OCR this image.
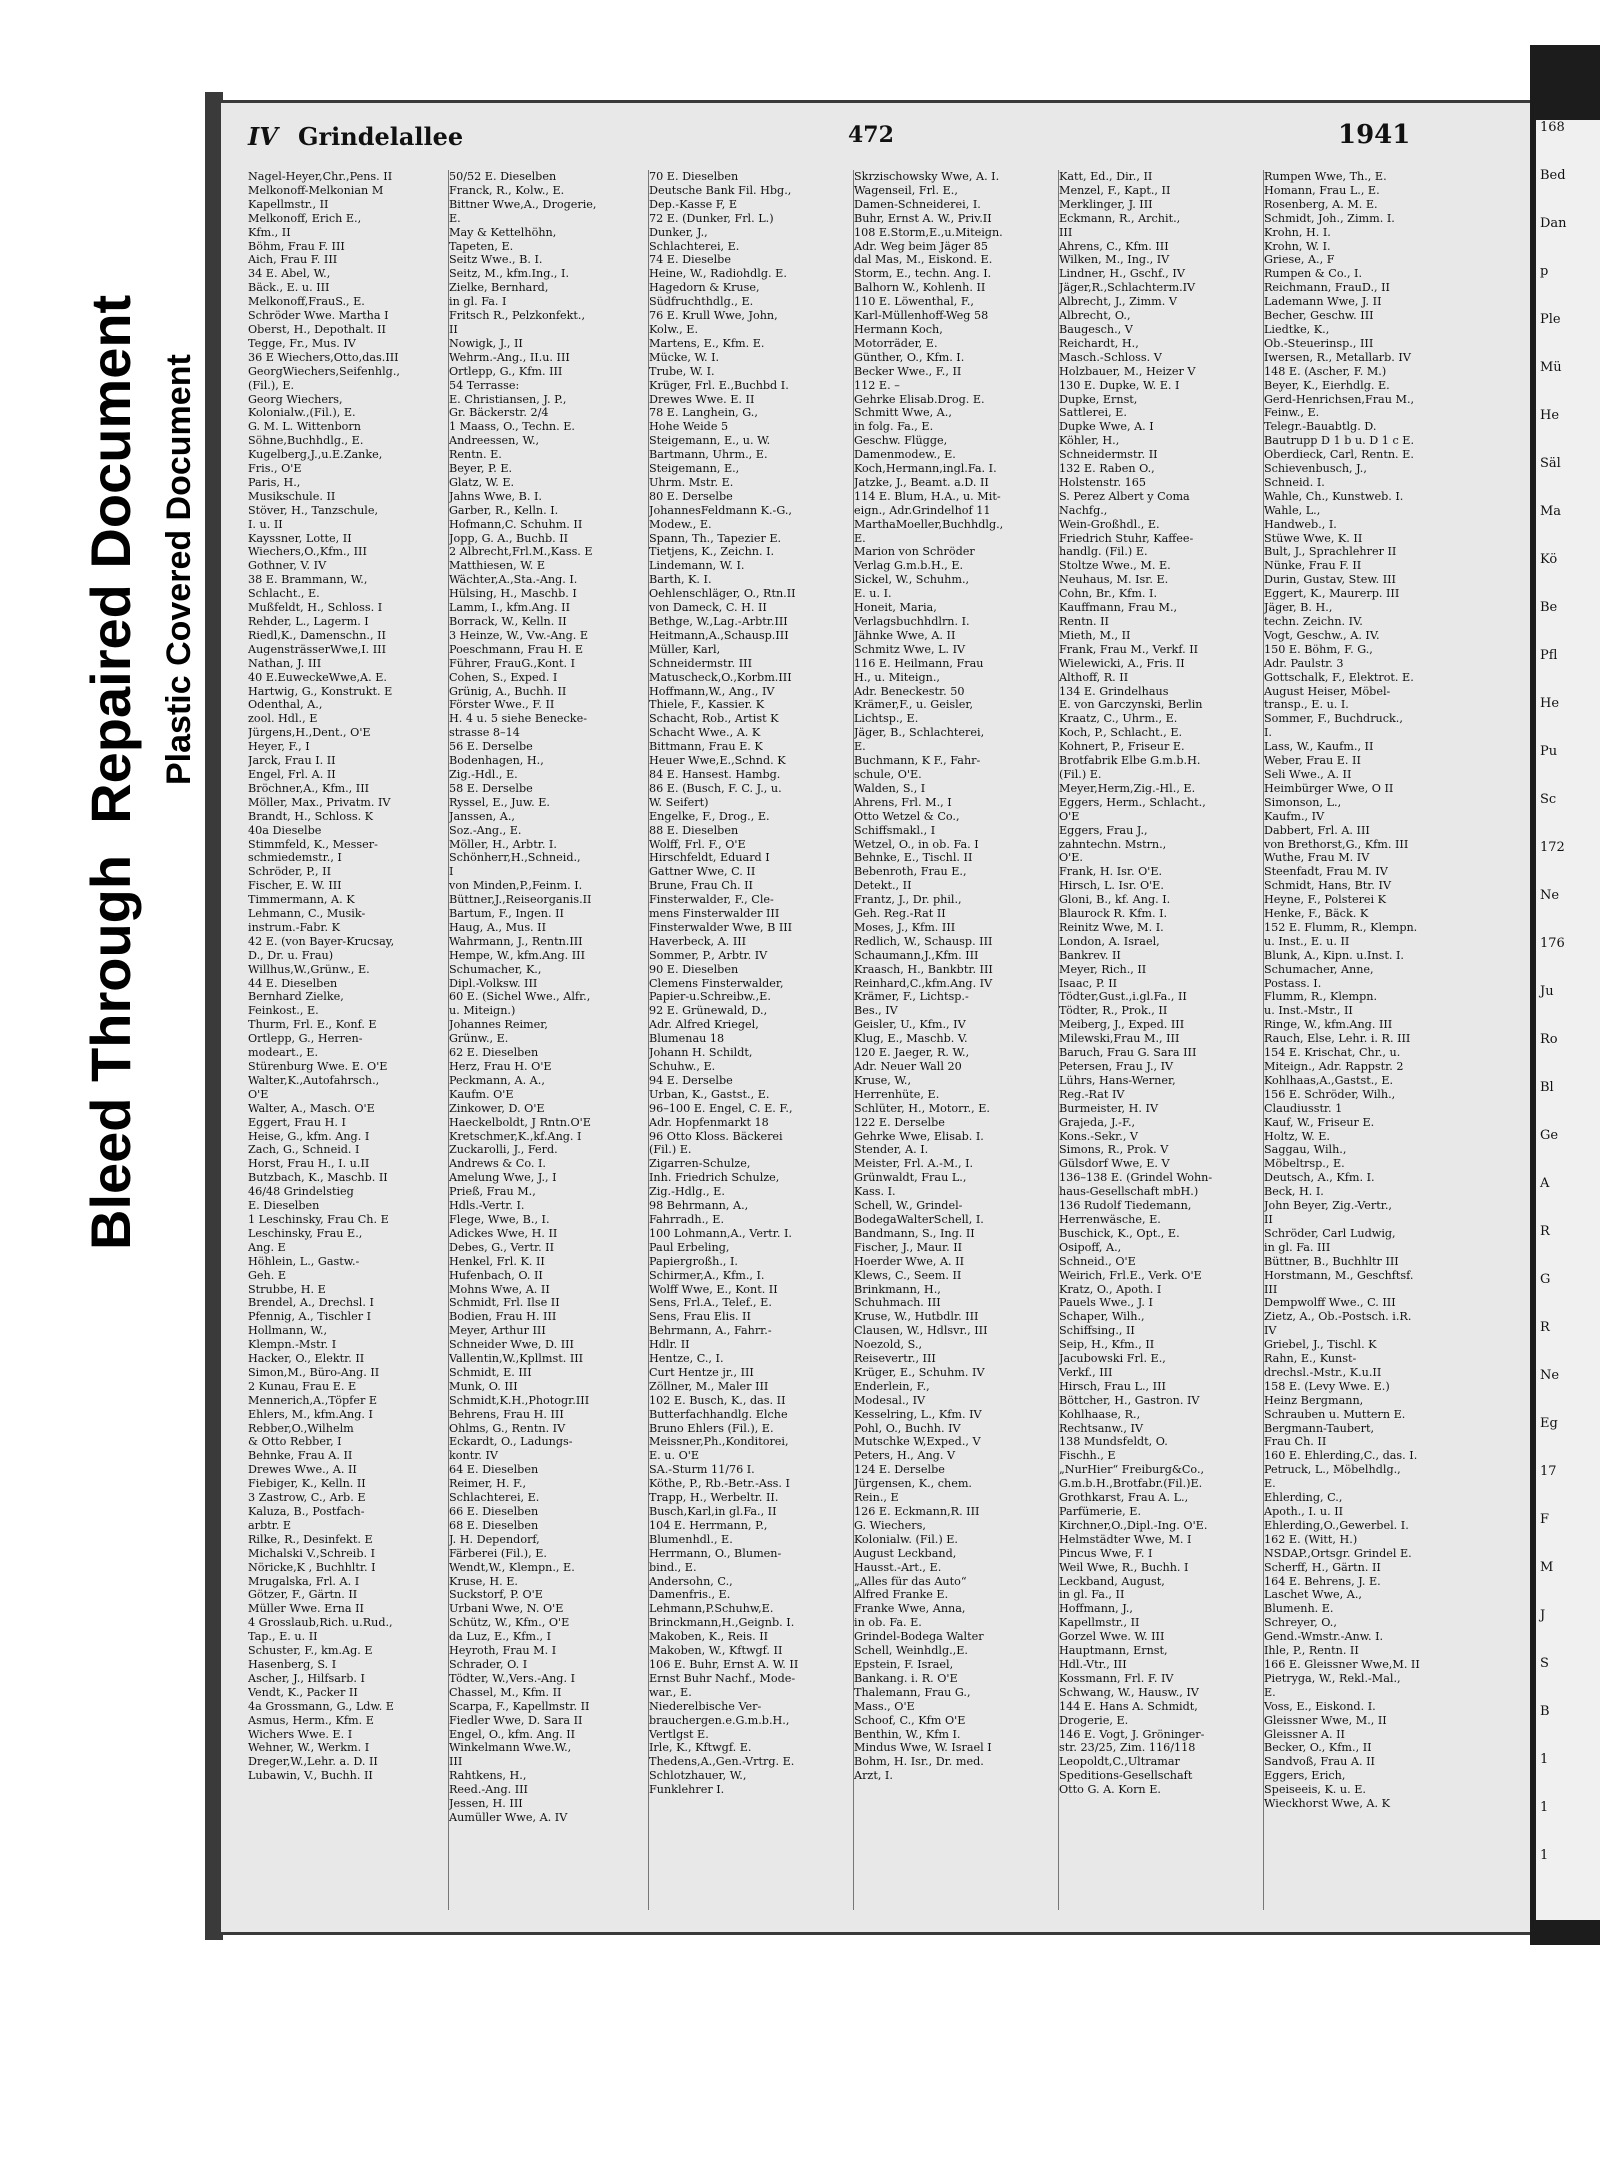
Bleed Through  Repaired Document Plastic Covered Document
IV Grindelallee	472	1941
Nagel-Heyer,Chr.,Pens. II
Melkonoff-Melkonian M
Kapellmstr., II
Melkonoff, Erich E.,
Kfm., II
Böhm, Frau F. III
Aich, Frau F. III
34 E. Abel, W.,
Bäck., E. u. III
Melkonoff,FrauS., E.
Schröder Wwe. Martha I
Oberst, H., Depothalt. II
Tegge, Fr., Mus. IV
36 E Wiechers,Otto,das.III
GeorgWiechers,Seifenhlg.,
(Fil.), E.
Georg Wiechers,
Kolonialw.,(Fil.), E.
G. M. L. Wittenborn
Söhne,Buchhdlg., E.
Kugelberg,J.,u.E.Zanke,
Fris., O'E
Paris, H.,
Musikschule. II
Stöver, H., Tanzschule,
I. u. II
Kayssner, Lotte, II
Wiechers,O.,Kfm., III
Gothner, V. IV
38 E. Brammann, W.,
Schlacht., E.
Mußfeldt, H., Schloss. I
Rehder, L., Lagerm. I
Riedl,K., Damenschn., II
AugensträsserWwe,I. III
Nathan, J. III
40 E.EuweckeWwe,A. E.
Hartwig, G., Konstrukt. E
Odenthal, A.,
zool. Hdl., E
Jürgens,H.,Dent., O'E
Heyer, F., I
Jarck, Frau I. II
Engel, Frl. A. II
Bröchner,A., Kfm., III
Möller, Max., Privatm. IV
Brandt, H., Schloss. K
40a Dieselbe
Stimmfeld, K., Messer-
schmiedemstr., I
Schröder, P., II
Fischer, E. W. III
Timmermann, A. K
Lehmann, C., Musik-
instrum.-Fabr. K
42 E. (von Bayer-Krucsay,
D., Dr. u. Frau)
Willhus,W.,Grünw., E.
44 E. Dieselben
Bernhard Zielke,
Feinkost., E.
Thurm, Frl. E., Konf. E
Ortlepp, G., Herren-
modeart., E.
Stürenburg Wwe. E. O'E
Walter,K.,Autofahrsch.,
O'E
Walter, A., Masch. O'E
Eggert, Frau H. I
Heise, G., kfm. Ang. I
Zach, G., Schneid. I
Horst, Frau H., I. u.II
Butzbach, K., Maschb. II
46/48 Grindelstieg
E. Dieselben
1 Leschinsky, Frau Ch. E
Leschinsky, Frau E.,
Ang. E
Höhlein, L., Gastw.-
Geh. E
Strubbe, H. E
Brendel, A., Drechsl. I
Pfennig, A., Tischler I
Hollmann, W.,
Klempn.-Mstr. I
Hacker, O., Elektr. II
Simon,M., Büro-Ang. II
2 Kunau, Frau E. E
Mennerich,A.,Töpfer E
Ehlers, M., kfm.Ang. I
Rebber,O.,Wilhelm
& Otto Rebber, I
Behnke, Frau A. II
Drewes Wwe., A. II
Fiebiger, K., Kelln. II
3 Zastrow, C., Arb. E
Kaluza, B., Postfach-
arbtr. E
Rilke, R., Desinfekt. E
Michalski V.,Schreib. I
Nöricke,K , Buchhltr. I
Mrugalska, Frl. A. I
Götzer, F., Gärtn. II
Müller Wwe. Erna II
4 Grosslaub,Rich. u.Rud.,
Tap., E. u. II
Schuster, F., km.Ag. E
Hasenberg, S. I
Ascher, J., Hilfsarb. I
Vendt, K., Packer II
4a Grossmann, G., Ldw. E
Asmus, Herm., Kfm. E
Wichers Wwe. E. I
Wehner, W., Werkm. I
Dreger,W.,Lehr. a. D. II
Lubawin, V., Buchh. II
50/52 E. Dieselben
Franck, R., Kolw., E.
Bittner Wwe,A., Drogerie,
E.
May & Kettelhöhn,
Tapeten, E.
Seitz Wwe., B. I.
Seitz, M., kfm.Ing., I.
Zielke, Bernhard,
in gl. Fa. I
Fritsch R., Pelzkonfekt.,
II
Nowigk, J., II
Wehrm.-Ang., II.u. III
Ortlepp, G., Kfm. III
54 Terrasse:
E. Christiansen, J. P.,
Gr. Bäckerstr. 2/4
1 Maass, O., Techn. E.
Andreessen, W.,
Rentn. E.
Beyer, P. E.
Glatz, W. E.
Jahns Wwe, B. I.
Garber, R., Kelln. I.
Hofmann,C. Schuhm. II
Jopp, G. A., Buchb. II
2 Albrecht,Frl.M.,Kass. E
Matthiesen, W. E
Wächter,A.,Sta.-Ang. I.
Hülsing, H., Maschb. I
Lamm, I., kfm.Ang. II
Borrack, W., Kelln. II
3 Heinze, W., Vw.-Ang. E
Poeschmann, Frau H. E
Führer, FrauG.,Kont. I
Cohen, S., Exped. I
Grünig, A., Buchh. II
Förster Wwe., F. II
H. 4 u. 5 siehe Benecke-
strasse 8–14
56 E. Derselbe
Bodenhagen, H.,
Zig.-Hdl., E.
58 E. Derselbe
Ryssel, E., Juw. E.
Janssen, A.,
Soz.-Ang., E.
Möller, H., Arbtr. I.
Schönherr,H.,Schneid.,
I
von Minden,P.,Feinm. I.
Büttner,J.,Reiseorganis.II
Bartum, F., Ingen. II
Haug, A., Mus. II
Wahrmann, J., Rentn.III
Hempe, W., kfm.Ang. III
Schumacher, K.,
Dipl.-Volksw. III
60 E. (Sichel Wwe., Alfr.,
u. Miteign.)
Johannes Reimer,
Grünw., E.
62 E. Dieselben
Herz, Frau H. O'E
Peckmann, A. A.,
Kaufm. O'E
Zinkower, D. O'E
Haeckelboldt, J Rntn.O'E
Kretschmer,K.,kf.Ang. I
Zuckarolli, J., Ferd.
Andrews & Co. I.
Amelung Wwe, J., I
Prieß, Frau M.,
Hdls.-Vertr. I.
Flege, Wwe, B., I.
Adickes Wwe, H. II
Debes, G., Vertr. II
Henkel, Frl. K. II
Hufenbach, O. II
Mohns Wwe, A. II
Schmidt, Frl. Ilse II
Bodien, Frau H. III
Meyer, Arthur III
Schneider Wwe, D. III
Vallentin,W.,Kpllmst. III
Schmidt, E. III
Munk, O. III
Schmidt,K.H.,Photogr.III
Behrens, Frau H. III
Ohlms, G., Rentn. IV
Eckardt, O., Ladungs-
kontr. IV
64 E. Dieselben
Reimer, H. F.,
Schlachterei, E.
66 E. Dieselben
68 E. Dieselben
J. H. Dependorf,
Färberei (Fil.), E.
Wendt,W., Klempn., E.
Kruse, H. E.
Suckstorf, P. O'E
Urbani Wwe, N. O'E
Schütz, W., Kfm., O'E
da Luz, E., Kfm., I
Heyroth, Frau M. I
Schrader, O. I
Tödter, W.,Vers.-Ang. I
Chassel, M., Kfm. II
Scarpa, F., Kapellmstr. II
Fiedler Wwe, D. Sara II
Engel, O., kfm. Ang. II
Winkelmann Wwe.W.,
III
Rahtkens, H.,
Reed.-Ang. III
Jessen, H. III
Aumüller Wwe, A. IV
70 E. Dieselben
Deutsche Bank Fil. Hbg.,
Dep.-Kasse F, E
72 E. (Dunker, Frl. L.)
Dunker, J.,
Schlachterei, E.
74 E. Dieselbe
Heine, W., Radiohdlg. E.
Hagedorn & Kruse,
Südfruchthdlg., E.
76 E. Krull Wwe, John,
Kolw., E.
Martens, E., Kfm. E.
Mücke, W. I.
Trube, W. I.
Krüger, Frl. E.,Buchbd I.
Drewes Wwe. E. II
78 E. Langhein, G.,
Hohe Weide 5
Steigemann, E., u. W.
Bartmann, Uhrm., E.
Steigemann, E.,
Uhrm. Mstr. E.
80 E. Derselbe
JohannesFeldmann K.-G.,
Modew., E.
Spann, Th., Tapezier E.
Tietjens, K., Zeichn. I.
Lindemann, W. I.
Barth, K. I.
Oehlenschläger, O., Rtn.II
von Dameck, C. H. II
Bethge, W.,Lag.-Arbtr.III
Heitmann,A.,Schausp.III
Müller, Karl,
Schneidermstr. III
Matuscheck,O.,Korbm.III
Hoffmann,W., Ang., IV
Thiele, F., Kassier. K
Schacht, Rob., Artist K
Schacht Wwe., A. K
Bittmann, Frau E. K
Heuer Wwe,E.,Schnd. K
84 E. Hansest. Hambg.
86 E. (Busch, F. C. J., u.
W. Seifert)
Engelke, F., Drog., E.
88 E. Dieselben
Wolff, Frl. F., O'E
Hirschfeldt, Eduard I
Gattner Wwe, C. II
Brune, Frau Ch. II
Finsterwalder, F., Cle-
mens Finsterwalder III
Finsterwalder Wwe, B III
Haverbeck, A. III
Sommer, P., Arbtr. IV
90 E. Dieselben
Clemens Finsterwalder,
Papier-u.Schreibw.,E.
92 E. Grünewald, D.,
Adr. Alfred Kriegel,
Blumenau 18
Johann H. Schildt,
Schuhw., E.
94 E. Derselbe
Urban, K., Gastst., E.
96–100 E. Engel, C. E. F.,
Adr. Hopfenmarkt 18
96 Otto Kloss. Bäckerei
(Fil.) E.
Zigarren-Schulze,
Inh. Friedrich Schulze,
Zig.-Hdlg., E.
98 Behrmann, A.,
Fahrradh., E.
100 Lohmann,A., Vertr. I.
Paul Erbeling,
Papiergroßh., I.
Schirmer,A., Kfm., I.
Wolff Wwe, E., Kont. II
Sens, Frl.A., Telef., E.
Sens, Frau Elis. II
Behrmann, A., Fahrr.-
Hdlr. II
Hentze, C., I.
Curt Hentze jr., III
Zöllner, M., Maler III
102 E. Busch, K., das. II
Butterfachhandlg. Elche
Bruno Ehlers (Fil.), E.
Meissner,Ph.,Konditorei,
E. u. O'E
SA.-Sturm 11/76 I.
Köthe, P., Rb.-Betr.-Ass. I
Trapp, H., Werbeltr. II.
Busch,Karl,in gl.Fa., II
104 E. Herrmann, P.,
Blumenhdl., E.
Herrmann, O., Blumen-
bind., E.
Andersohn, C.,
Damenfris., E.
Lehmann,P.Schuhw,E.
Brinckmann,H.,Geignb. I.
Makoben, K., Reis. II
Makoben, W., Kftwgf. II
106 E. Buhr, Ernst A. W. II
Ernst Buhr Nachf., Mode-
war., E.
Niederelbische Ver-
brauchergen.e.G.m.b.H.,
Vertlgst E.
Irle, K., Kftwgf. E.
Thedens,A.,Gen.-Vrtrg. E.
Schlotzhauer, W.,
Funklehrer I.
Skrzischowsky Wwe, A. I.
Wagenseil, Frl. E.,
Damen-Schneiderei, I.
Buhr, Ernst A. W., Priv.II
108 E.Storm,E.,u.Miteign.
Adr. Weg beim Jäger 85
dal Mas, M., Eiskond. E.
Storm, E., techn. Ang. I.
Balhorn W., Kohlenh. II
110 E. Löwenthal, F.,
Karl-Müllenhoff-Weg 58
Hermann Koch,
Motorräder, E.
Günther, O., Kfm. I.
Becker Wwe., F., II
112 E. –
Gehrke Elisab.Drog. E.
Schmitt Wwe, A.,
in folg. Fa., E.
Geschw. Flügge,
Damenmodew., E.
Koch,Hermann,ingl.Fa. I.
Jatzke, J., Beamt. a.D. II
114 E. Blum, H.A., u. Mit-
eign., Adr.Grindelhof 11
MarthaMoeller,Buchhdlg.,
E.
Marion von Schröder
Verlag G.m.b.H., E.
Sickel, W., Schuhm.,
E. u. I.
Honeit, Maria,
Verlagsbuchhdlrn. I.
Jähnke Wwe, A. II
Schmitz Wwe, L. IV
116 E. Heilmann, Frau
H., u. Miteign.,
Adr. Beneckestr. 50
Krämer,F., u. Geisler,
Lichtsp., E.
Jäger, B., Schlachterei,
E.
Buchmann, K F., Fahr-
schule, O'E.
Walden, S., I
Ahrens, Frl. M., I
Otto Wetzel & Co.,
Schiffsmakl., I
Wetzel, O., in ob. Fa. I
Behnke, E., Tischl. II
Bebenroth, Frau E.,
Detekt., II
Frantz, J., Dr. phil.,
Geh. Reg.-Rat II
Moses, J., Kfm. III
Redlich, W., Schausp. III
Schaumann,J.,Kfm. III
Kraasch, H., Bankbtr. III
Reinhard,C.,kfm.Ang. IV
Krämer, F., Lichtsp.-
Bes., IV
Geisler, U., Kfm., IV
Klug, E., Maschb. V.
120 E. Jaeger, R. W.,
Adr. Neuer Wall 20
Kruse, W.,
Herrenhüte, E.
Schlüter, H., Motorr., E.
122 E. Derselbe
Gehrke Wwe, Elisab. I.
Stender, A. I.
Meister, Frl. A.-M., I.
Grünwaldt, Frau L.,
Kass. I.
Schell, W., Grindel-
BodegaWalterSchell, I.
Bandmann, S., Ing. II
Fischer, J., Maur. II
Hoerder Wwe, A. II
Klews, C., Seem. II
Brinkmann, H.,
Schuhmach. III
Kruse, W., Hutbdlr. III
Clausen, W., Hdlsvr., III
Noezold, S.,
Reisevertr., III
Krüger, E., Schuhm. IV
Enderlein, F.,
Modesal., IV
Kesselring, L., Kfm. IV
Pohl, O., Buchh. IV
Mutschke W,Exped., V
Peters, H., Ang. V
124 E. Derselbe
Jürgensen, K., chem.
Rein., E
126 E. Eckmann,R. III
G. Wiechers,
Kolonialw. (Fil.) E.
August Leckband,
Hausst.-Art., E.
„Alles für das Auto“
Alfred Franke E.
Franke Wwe, Anna,
in ob. Fa. E.
Grindel-Bodega Walter
Schell, Weinhdlg.,E.
Epstein, F. Israel,
Bankang. i. R. O'E
Thalemann, Frau G.,
Mass., O'E
Schoof, C., Kfm O'E
Benthin, W., Kfm I.
Mindus Wwe, W. Israel I
Bohm, H. Isr., Dr. med.
Arzt, I.
Katt, Ed., Dir., II
Menzel, F., Kapt., II
Merklinger, J. III
Eckmann, R., Archit.,
III
Ahrens, C., Kfm. III
Wilken, M., Ing., IV
Lindner, H., Gschf., IV
Jäger,R.,Schlachterm.IV
Albrecht, J., Zimm. V
Albrecht, O.,
Baugesch., V
Reichardt, H.,
Masch.-Schloss. V
Holzbauer, M., Heizer V
130 E. Dupke, W. E. I
Dupke, Ernst,
Sattlerei, E.
Dupke Wwe, A. I
Köhler, H.,
Schneidermstr. II
132 E. Raben O.,
Holstenstr. 165
S. Perez Albert y Coma
Nachfg.,
Wein-Großhdl., E.
Friedrich Stuhr, Kaffee-
handlg. (Fil.) E.
Stoltze Wwe., M. E.
Neuhaus, M. Isr. E.
Cohn, Br., Kfm. I.
Kauffmann, Frau M.,
Rentn. II
Mieth, M., II
Frank, Frau M., Verkf. II
Wielewicki, A., Fris. II
Althoff, R. II
134 E. Grindelhaus
E. von Garczynski, Berlin
Kraatz, C., Uhrm., E.
Koch, P., Schlacht., E.
Kohnert, P., Friseur E.
Brotfabrik Elbe G.m.b.H.
(Fil.) E.
Meyer,Herm,Zig.-Hl., E.
Eggers, Herm., Schlacht.,
O'E
Eggers, Frau J.,
zahntechn. Mstrn.,
O'E.
Frank, H. Isr. O'E.
Hirsch, L. Isr. O'E.
Gloni, B., kf. Ang. I.
Blaurock R. Kfm. I.
Reinitz Wwe, M. I.
London, A. Israel,
Bankrev. II
Meyer, Rich., II
Isaac, P. II
Tödter,Gust.,i.gl.Fa., II
Tödter, R., Prok., II
Meiberg, J., Exped. III
Milewski,Frau M., III
Baruch, Frau G. Sara III
Petersen, Frau J., IV
Lührs, Hans-Werner,
Reg.-Rat IV
Burmeister, H. IV
Grajeda, J.-F.,
Kons.-Sekr., V
Simons, R., Prok. V
Gülsdorf Wwe, E. V
136–138 E. (Grindel Wohn-
haus-Gesellschaft mbH.)
136 Rudolf Tiedemann,
Herrenwäsche, E.
Buschick, K., Opt., E.
Osipoff, A.,
Schneid., O'E
Weirich, Frl.E., Verk. O'E
Kratz, O., Apoth. I
Pauels Wwe., J. I
Schaper, Wilh.,
Schiffsing., II
Seip, H., Kfm., II
Jacubowski Frl. E.,
Verkf., III
Hirsch, Frau L., III
Böttcher, H., Gastron. IV
Kohlhaase, R.,
Rechtsanw., IV
138 Mundsfeldt, O.
Fischh., E
„NurHier“ Freiburg&Co.,
G.m.b.H.,Brotfabr.(Fil.)E.
Grothkarst, Frau A. L.,
Parfümerie, E.
Kirchner,O.,Dipl.-Ing. O'E.
Helmstädter Wwe, M. I
Pincus Wwe, F. I
Weil Wwe, R., Buchh. I
Leckband, August,
in gl. Fa., II
Hoffmann, J.,
Kapellmstr., II
Gorzel Wwe. W. III
Hauptmann, Ernst,
Hdl.-Vtr., III
Kossmann, Frl. F. IV
Schwang, W., Hausw., IV
144 E. Hans A. Schmidt,
Drogerie, E.
146 E. Vogt, J. Gröninger-
str. 23/25, Zim. 116/118
Leopoldt,C.,Ultramar
Speditions-Gesellschaft
Otto G. A. Korn E.
Rumpen Wwe, Th., E.
Homann, Frau L., E.
Rosenberg, A. M. E.
Schmidt, Joh., Zimm. I.
Krohn, H. I.
Krohn, W. I.
Griese, A., F
Rumpen & Co., I.
Reichmann, FrauD., II
Lademann Wwe, J. II
Becher, Geschw. III
Liedtke, K.,
Ob.-Steuerinsp., III
Iwersen, R., Metallarb. IV
148 E. (Ascher, F. M.)
Beyer, K., Eierhdlg. E.
Gerd-Henrichsen,Frau M.,
Feinw., E.
Telegr.-Bauabtlg. D.
Bautrupp D 1 b u. D 1 c E.
Oberdieck, Carl, Rentn. E.
Schievenbusch, J.,
Schneid. I.
Wahle, Ch., Kunstweb. I.
Wahle, L.,
Handweb., I.
Stüwe Wwe, K. II
Bult, J., Sprachlehrer II
Nünke, Frau F. II
Durin, Gustav, Stew. III
Eggert, K., Maurerp. III
Jäger, B. H.,
techn. Zeichn. IV.
Vogt, Geschw., A. IV.
150 E. Böhm, F. G.,
Adr. Paulstr. 3
Gottschalk, F., Elektrot. E.
August Heiser, Möbel-
transp., E. u. I.
Sommer, F., Buchdruck.,
I.
Lass, W., Kaufm., II
Weber, Frau E. II
Seli Wwe., A. II
Heimbürger Wwe, O II
Simonson, L.,
Kaufm., IV
Dabbert, Frl. A. III
von Brethorst,G., Kfm. III
Wuthe, Frau M. IV
Steenfadt, Frau M. IV
Schmidt, Hans, Btr. IV
Heyne, F., Polsterei K
Henke, F., Bäck. K
152 E. Flumm, R., Klempn.
u. Inst., E. u. II
Blunk, A., Kipn. u.Inst. I.
Schumacher, Anne,
Postass. I.
Flumm, R., Klempn.
u. Inst.-Mstr., II
Ringe, W., kfm.Ang. III
Rauch, Else, Lehr. i. R. III
154 E. Krischat, Chr., u.
Miteign., Adr. Rappstr. 2
Kohlhaas,A.,Gastst., E.
156 E. Schröder, Wilh.,
Claudiusstr. 1
Kauf, W., Friseur E.
Holtz, W. E.
Saggau, Wilh.,
Möbeltrsp., E.
Deutsch, A., Kfm. I.
Beck, H. I.
John Beyer, Zig.-Vertr.,
II
Schröder, Carl Ludwig,
in gl. Fa. III
Büttner, B., Buchhltr III
Horstmann, M., Geschftsf.
III
Dempwolff Wwe., C. III
Zietz, A., Ob.-Postsch. i.R.
IV
Griebel, J., Tischl. K
Rahn, E., Kunst-
drechsl.-Mstr., K.u.II
158 E. (Levy Wwe. E.)
Heinz Bergmann,
Schrauben u. Muttern E.
Bergmann-Taubert,
Frau Ch. II
160 E. Ehlerding,C., das. I.
Petruck, L., Möbelhdlg.,
E.
Ehlerding, C.,
Apoth., I. u. II
Ehlerding,O.,Gewerbel. I.
162 E. (Witt, H.)
NSDAP.,Ortsgr. Grindel E.
Scherff, H., Gärtn. II
164 E. Behrens, J. E.
Laschet Wwe, A.,
Blumenh. E.
Schreyer, O.,
Gend.-Wmstr.-Anw. I.
Ihle, P., Rentn. II
166 E. Gleissner Wwe,M. II
Pietryga, W., Rekl.-Mal.,
E.
Voss, E., Eiskond. I.
Gleissner Wwe, M., II
Gleissner A. II
Becker, O., Kfm., II
Sandvoß, Frau A. II
Eggers, Erich,
Speiseeis, K. u. E.
Wieckhorst Wwe, A. K
168
Bed
Dan
p
Ple
Mü
He
Säl
Ma
Kö
Be
Pfl
He
Pu
Sc
172
Ne
176
Ju
Ro
Bl
Ge
A
R
G
R
Ne
Eg
17
F
M
J
S
B
1
1
1
